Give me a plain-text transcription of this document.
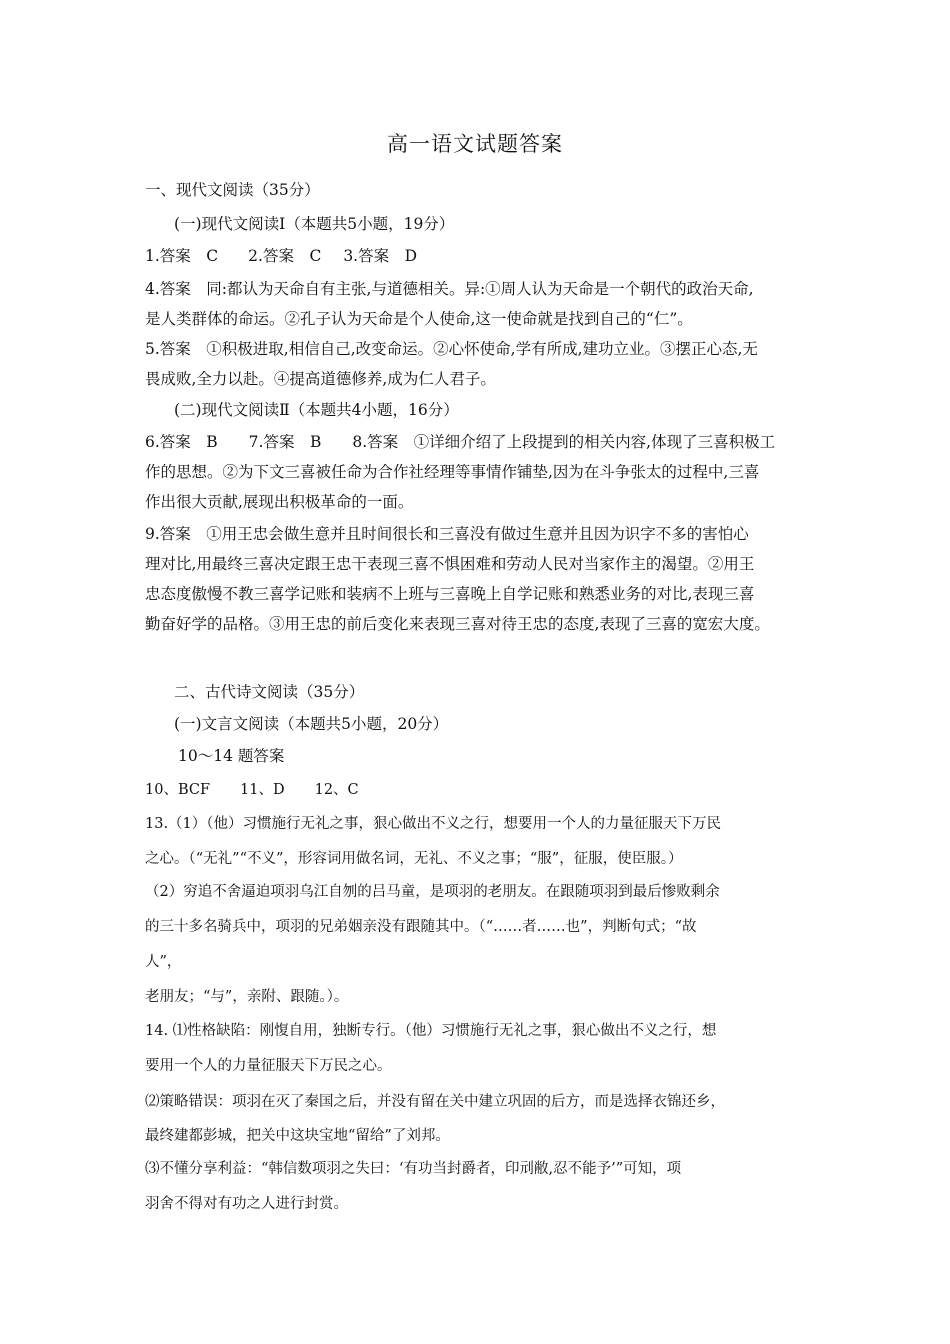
高一语文试题答案
一、现代文阅读（35分）
(一)现代文阅读Ⅰ（本题共5小题，19分）
1.答案　C 2.答案　C 3.答案　D
4.答案　同:都认为天命自有主张,与道德相关。异:①周人认为天命是一个朝代的政治天命,
是人类群体的命运。②孔子认为天命是个人使命,这一使命就是找到自己的“仁”。
5.答案　①积极进取,相信自己,改变命运。②心怀使命,学有所成,建功立业。③摆正心态,无
畏成败,全力以赴。④提高道德修养,成为仁人君子。
(二)现代文阅读Ⅱ（本题共4小题，16分）
6.答案　B　　7.答案　B　　8.答案　①详细介绍了上段提到的相关内容,体现了三喜积极工
作的思想。②为下文三喜被任命为合作社经理等事情作铺垫,因为在斗争张太的过程中,三喜
作出很大贡献,展现出积极革命的一面。
9.答案　①用王忠会做生意并且时间很长和三喜没有做过生意并且因为识字不多的害怕心
理对比,用最终三喜决定跟王忠干表现三喜不惧困难和劳动人民对当家作主的渴望。②用王
忠态度傲慢不教三喜学记账和装病不上班与三喜晚上自学记账和熟悉业务的对比,表现三喜
勤奋好学的品格。③用王忠的前后变化来表现三喜对待王忠的态度,表现了三喜的宽宏大度。
二、古代诗文阅读（35分）
(一)文言文阅读（本题共5小题，20分）
10～14 题答案
10、BCF 11、D 12、C
13.（1）（他）习惯施行无礼之事，狠心做出不义之行，想要用一个人的力量征服天下万民
之心。（“无礼”“不义”，形容词用做名词，无礼、不义之事；“服”，征服，使臣服。）
（2）穷追不舍逼迫项羽乌江自刎的吕马童，是项羽的老朋友。在跟随项羽到最后惨败剩余
的三十多名骑兵中，项羽的兄弟姻亲没有跟随其中。（“……者……也”，判断句式；“故
人”，
老朋友；“与”，亲附、跟随。）。
14. ⑴性格缺陷：刚愎自用，独断专行。（他）习惯施行无礼之事，狠心做出不义之行，想
要用一个人的力量征服天下万民之心。
⑵策略错误：项羽在灭了秦国之后，并没有留在关中建立巩固的后方，而是选择衣锦还乡，
最终建都彭城，把关中这块宝地“留给”了刘邦。
⑶不懂分享利益：“韩信数项羽之失曰：‘有功当封爵者，印刓敝,忍不能予’”可知，项
羽舍不得对有功之人进行封赏。
